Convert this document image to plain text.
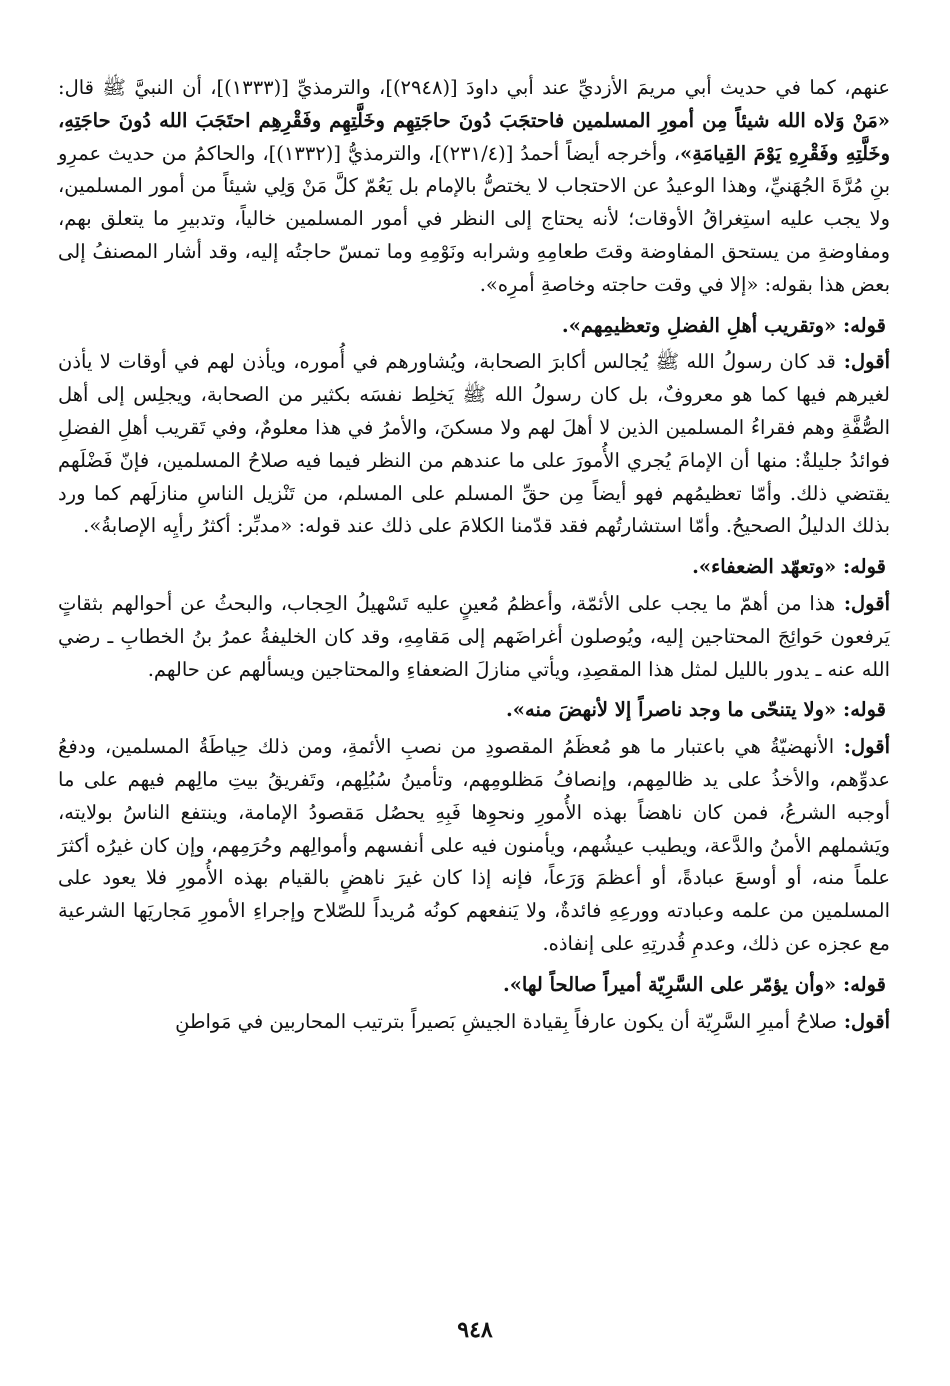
عنهم، كما في حديث أبي مريمَ الأزديِّ عند أبي داودَ [(٢٩٤٨)]، والترمذيِّ [(١٣٣٣)]، أن النبيَّ ﷺ قال: «مَنْ وَلاه الله شيئاً مِن أمورِ المسلمين فاحتجَبَ دُونَ حاجَتِهِم وخَلَّتِهِم وفَقْرِهِم احتَجَبَ الله دُونَ حاجَتِهِ، وخَلَّتِهِ وفَقْرِهِ يَوْمَ القِيامَةِ»، وأخرجه أيضاً أحمدُ [(٢٣١/٤)]، والترمذيُّ [(١٣٣٢)]، والحاكمُ من حديث عمرِو بنِ مُرَّةَ الجُهَنيِّ، وهذا الوعيدُ عن الاحتجاب لا يختصُّ بالإمام بل يَعُمّ كلَّ مَنْ وَلِي شيئاً من أمور المسلمين، ولا يجب عليه استِغراقُ الأوقات؛ لأنه يحتاج إلى النظر في أمور المسلمين خالياً، وتدبيرِ ما يتعلق بهم، ومفاوضةِ من يستحق المفاوضة وقتَ طعامِهِ وشرابه ونَوْمِهِ وما تمسّ حاجتُه إليه، وقد أشار المصنفُ إلى بعض هذا بقوله: «إلا في وقت حاجته وخاصةِ أمرِه».

قوله: «وتقريب أهلِ الفضلِ وتعظيمِهم».

أقول: قد كان رسولُ الله ﷺ يُجالس أكابرَ الصحابة، ويُشاورهم في أُموره، ويأذن لهم في أوقات لا يأذن لغيرهم فيها كما هو معروفٌ، بل كان رسولُ الله ﷺ يَخلِط نفسَه بكثير من الصحابة، ويجلِس إلى أهل الصُّفَّةِ وهم فقراءُ المسلمين الذين لا أهلَ لهم ولا مسكنَ، والأمرُ في هذا معلومٌ، وفي تَقريب أهلِ الفضلِ فوائدُ جليلةٌ: منها أن الإمامَ يُجري الأُمورَ على ما عندهم من النظر فيما فيه صلاحُ المسلمين، فإنّ فَضْلَهم يقتضي ذلك. وأمّا تعظيمُهم فهو أيضاً مِن حقِّ المسلم على المسلم، من تَنْزيل الناسِ منازلَهم كما ورد بذلك الدليلُ الصحيحُ. وأمّا استشارتُهم فقد قدّمنا الكلامَ على ذلك عند قوله: «مدبِّر: أكثرُ رأيِه الإصابةُ».

قوله: «وتعهّد الضعفاء».

أقول: هذا من أهمّ ما يجب على الأئمّة، وأعظمُ مُعينٍ عليه تَسْهيلُ الحِجاب، والبحثُ عن أحوالهم بثقاتٍ يَرفعون حَوائِجَ المحتاجين إليه، ويُوصلون أغراضَهم إلى مَقامِهِ، وقد كان الخليفةُ عمرُ بنُ الخطابِ ـ رضي الله عنه ـ يدور بالليل لمثل هذا المقصِدِ، ويأتي منازلَ الضعفاءِ والمحتاجين ويسألهم عن حالهم.

قوله: «ولا يتنحّى ما وجد ناصراً إلا لأنهضَ منه».

أقول: الأنهضيّةُ هي باعتبار ما هو مُعظَمُ المقصودِ من نصبِ الأئمةِ، ومن ذلك حِياطَةُ المسلمين، ودفعُ عدوِّهم، والأخذُ على يد ظالمِهم، وإنصافُ مَظلومِهم، وتأمينُ سُبُلِهم، وتَفريقُ بيتِ مالِهم فيهم على ما أوجبه الشرعُ، فمن كان ناهضاً بهذه الأُمورِ ونحوِها فَبِهِ يحصُل مَقصودُ الإمامة، وينتفع الناسُ بولايته، ويَشملهم الأمنُ والدَّعة، ويطيب عيشُهم، ويأمنون فيه على أنفسهم وأموالِهم وحُرَمِهم، وإن كان غيرُه أكثرَ علماً منه، أو أوسعَ عبادةً، أو أعظمَ وَرَعاً، فإنه إذا كان غيرَ ناهضٍ بالقيام بهذه الأُمورِ فلا يعود على المسلمين من علمه وعبادته وورعِهِ فائدةٌ، ولا يَنفعهم كونُه مُريداً للصّلاح وإجراءِ الأمورِ مَجاريَها الشرعية مع عجزه عن ذلك، وعدمِ قُدرتِهِ على إنفاذه.

قوله: «وأن يؤمّر على السَّرِيّة أميراً صالحاً لها».

أقول: صلاحُ أميرِ السَّرِيّة أن يكون عارفاً بِقيادة الجيشِ بَصيراً بترتيب المحاربين في مَواطنِ

٩٤٨
